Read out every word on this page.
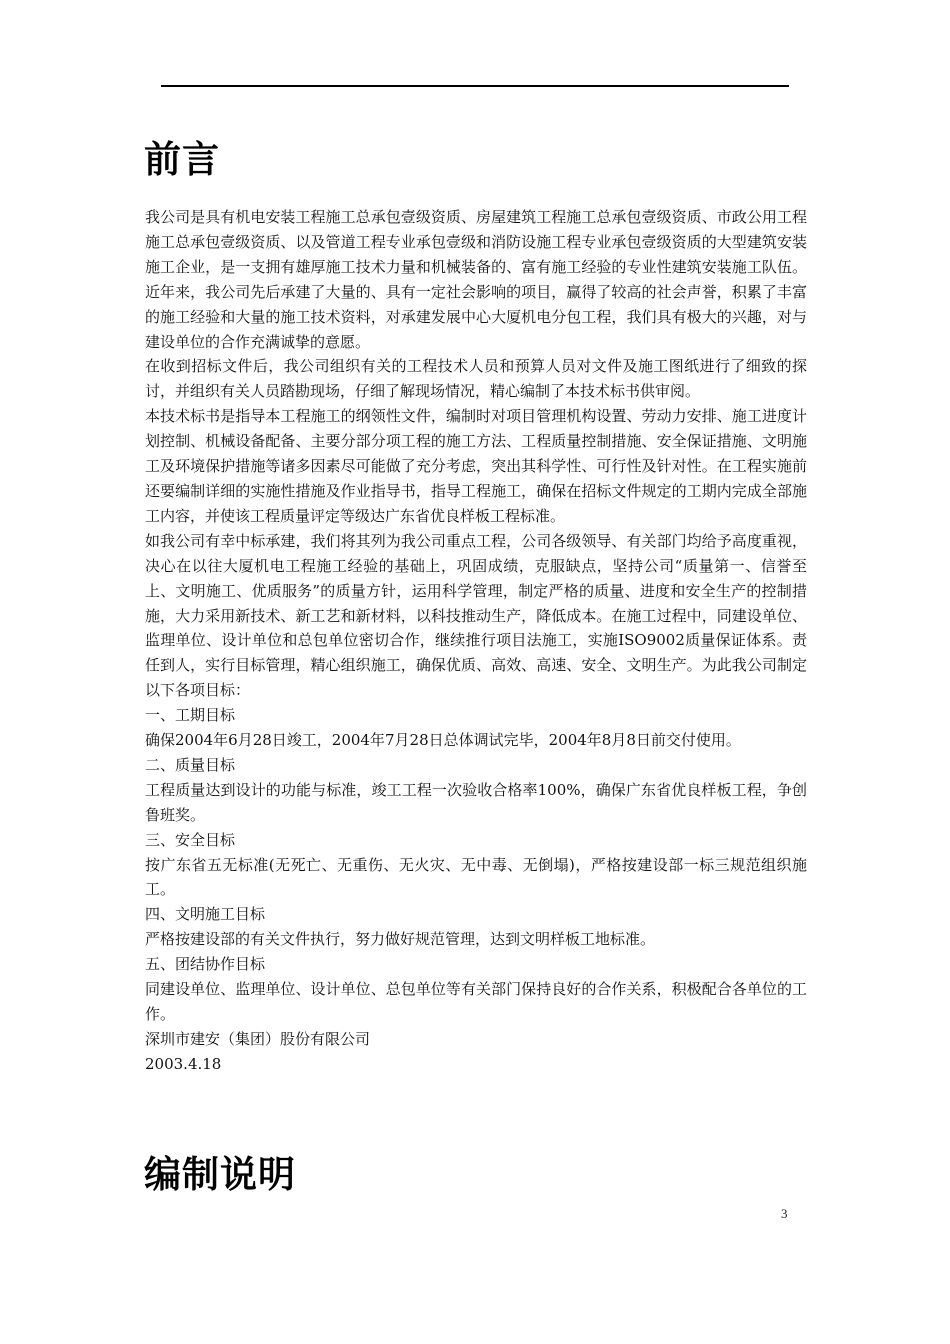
前言

我公司是具有机电安装工程施工总承包壹级资质、房屋建筑工程施工总承包壹级资质、市政公用工程施工总承包壹级资质、以及管道工程专业承包壹级和消防设施工程专业承包壹级资质的大型建筑安装施工企业，是一支拥有雄厚施工技术力量和机械装备的、富有施工经验的专业性建筑安装施工队伍。近年来，我公司先后承建了大量的、具有一定社会影响的项目，赢得了较高的社会声誉，积累了丰富的施工经验和大量的施工技术资料，对承建发展中心大厦机电分包工程，我们具有极大的兴趣，对与建设单位的合作充满诚挚的意愿。

在收到招标文件后，我公司组织有关的工程技术人员和预算人员对文件及施工图纸进行了细致的探讨，并组织有关人员踏勘现场，仔细了解现场情况，精心编制了本技术标书供审阅。

本技术标书是指导本工程施工的纲领性文件，编制时对项目管理机构设置、劳动力安排、施工进度计划控制、机械设备配备、主要分部分项工程的施工方法、工程质量控制措施、安全保证措施、文明施工及环境保护措施等诸多因素尽可能做了充分考虑，突出其科学性、可行性及针对性。在工程实施前还要编制详细的实施性措施及作业指导书，指导工程施工，确保在招标文件规定的工期内完成全部施工内容，并使该工程质量评定等级达广东省优良样板工程标准。

如我公司有幸中标承建，我们将其列为我公司重点工程，公司各级领导、有关部门均给予高度重视，决心在以往大厦机电工程施工经验的基础上，巩固成绩，克服缺点，坚持公司“质量第一、信誉至上、文明施工、优质服务”的质量方针，运用科学管理，制定严格的质量、进度和安全生产的控制措施，大力采用新技术、新工艺和新材料，以科技推动生产，降低成本。在施工过程中，同建设单位、监理单位、设计单位和总包单位密切合作，继续推行项目法施工，实施ISO9002质量保证体系。责任到人，实行目标管理，精心组织施工，确保优质、高效、高速、安全、文明生产。为此我公司制定以下各项目标：

一、工期目标

确保2004年6月28日竣工，2004年7月28日总体调试完毕，2004年8月8日前交付使用。

二、质量目标

工程质量达到设计的功能与标准，竣工工程一次验收合格率100%，确保广东省优良样板工程，争创鲁班奖。

三、安全目标

按广东省五无标准(无死亡、无重伤、无火灾、无中毒、无倒塌)，严格按建设部一标三规范组织施工。

四、文明施工目标

严格按建设部的有关文件执行，努力做好规范管理，达到文明样板工地标准。

五、团结协作目标

同建设单位、监理单位、设计单位、总包单位等有关部门保持良好的合作关系，积极配合各单位的工作。

深圳市建安（集团）股份有限公司

2003.4.18

编制说明
3
